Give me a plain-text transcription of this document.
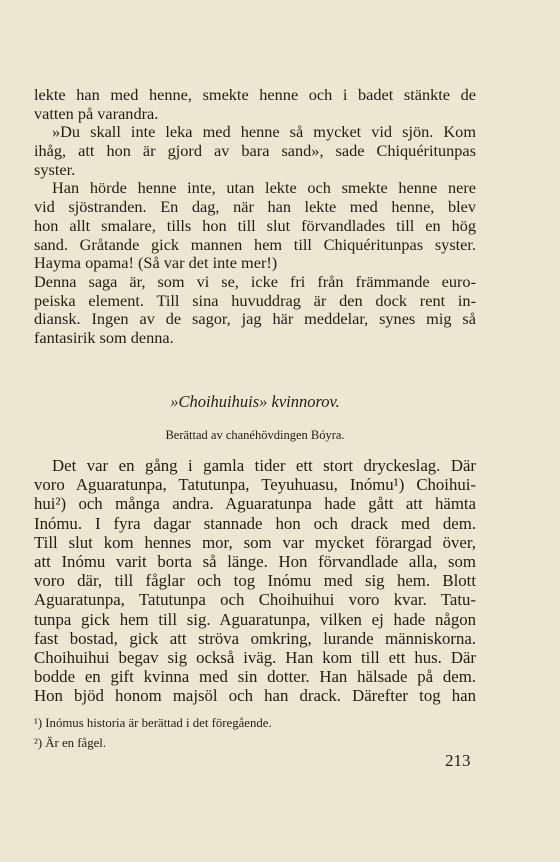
lekte han med henne, smekte henne och i badet stänkte de
vatten på varandra.
»Du skall inte leka med henne så mycket vid sjön. Kom
ihåg, att hon är gjord av bara sand», sade Chiquéritunpas
syster.
Han hörde henne inte, utan lekte och smekte henne nere
vid sjöstranden. En dag, när han lekte med henne, blev
hon allt smalare, tills hon till slut förvandlades till en hög
sand. Gråtande gick mannen hem till Chiquéritunpas syster.
Hayma opama! (Så var det inte mer!)
Denna saga är, som vi se, icke fri från främmande euro-
peiska element. Till sina huvuddrag är den dock rent in-
diansk. Ingen av de sagor, jag här meddelar, synes mig så
fantasirik som denna.
»Choihuihuis» kvinnorov.
Berättad av chanéhövdingen Bóyra.
Det var en gång i gamla tider ett stort dryckeslag. Där
voro Aguaratunpa, Tatutunpa, Teyuhuasu, Inómu¹) Choihui-
hui²) och många andra. Aguaratunpa hade gått att hämta
Inómu. I fyra dagar stannade hon och drack med dem.
Till slut kom hennes mor, som var mycket förargad över,
att Inómu varit borta så länge. Hon förvandlade alla, som
voro där, till fåglar och tog Inómu med sig hem. Blott
Aguaratunpa, Tatutunpa och Choihuihui voro kvar. Tatu-
tunpa gick hem till sig. Aguaratunpa, vilken ej hade någon
fast bostad, gick att ströva omkring, lurande människorna.
Choihuihui begav sig också iväg. Han kom till ett hus. Där
bodde en gift kvinna med sin dotter. Han hälsade på dem.
Hon bjöd honom majsöl och han drack. Därefter tog han
¹) Inómus historia är berättad i det föregående.
²) Är en fågel.
213
